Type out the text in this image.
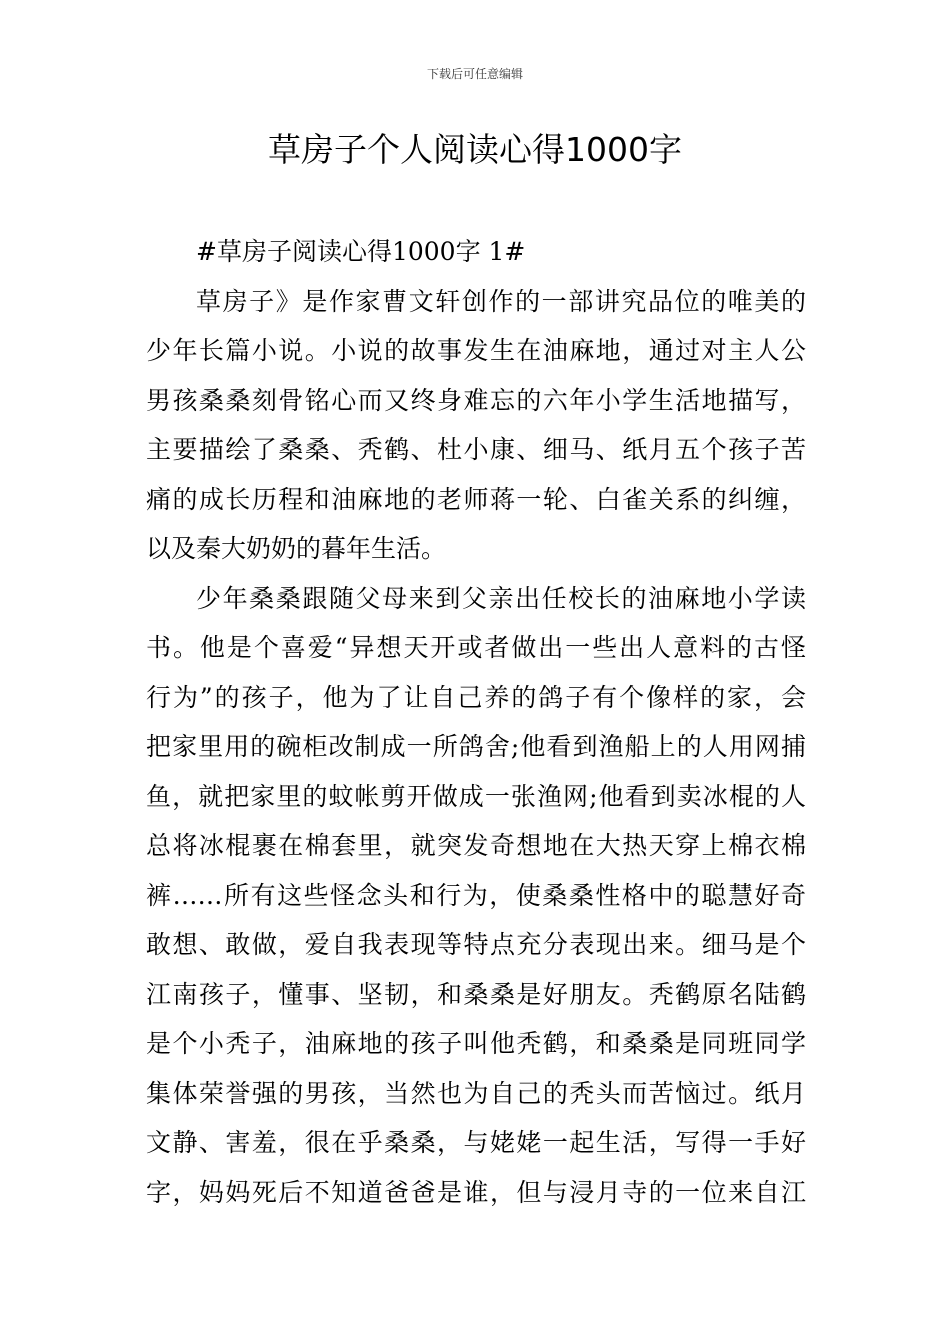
下载后可任意编辑
草房子个人阅读心得1000字
#草房子阅读心得1000字 1#
草房子》是作家曹文轩创作的一部讲究品位的唯美的
少年长篇小说。小说的故事发生在油麻地，通过对主人公
男孩桑桑刻骨铭心而又终身难忘的六年小学生活地描写，
主要描绘了桑桑、秃鹤、杜小康、细马、纸月五个孩子苦
痛的成长历程和油麻地的老师蒋一轮、白雀关系的纠缠，
以及秦大奶奶的暮年生活。
少年桑桑跟随父母来到父亲出任校长的油麻地小学读
书。他是个喜爱“异想天开或者做出一些出人意料的古怪
行为”的孩子，他为了让自己养的鸽子有个像样的家，会
把家里用的碗柜改制成一所鸽舍;他看到渔船上的人用网捕
鱼，就把家里的蚊帐剪开做成一张渔网;他看到卖冰棍的人
总将冰棍裹在棉套里，就突发奇想地在大热天穿上棉衣棉
裤……所有这些怪念头和行为，使桑桑性格中的聪慧好奇
敢想、敢做，爱自我表现等特点充分表现出来。细马是个
江南孩子，懂事、坚韧，和桑桑是好朋友。秃鹤原名陆鹤
是个小秃子，油麻地的孩子叫他秃鹤，和桑桑是同班同学
集体荣誉强的男孩，当然也为自己的秃头而苦恼过。纸月
文静、害羞，很在乎桑桑，与姥姥一起生活，写得一手好
字，妈妈死后不知道爸爸是谁，但与浸月寺的一位来自江
